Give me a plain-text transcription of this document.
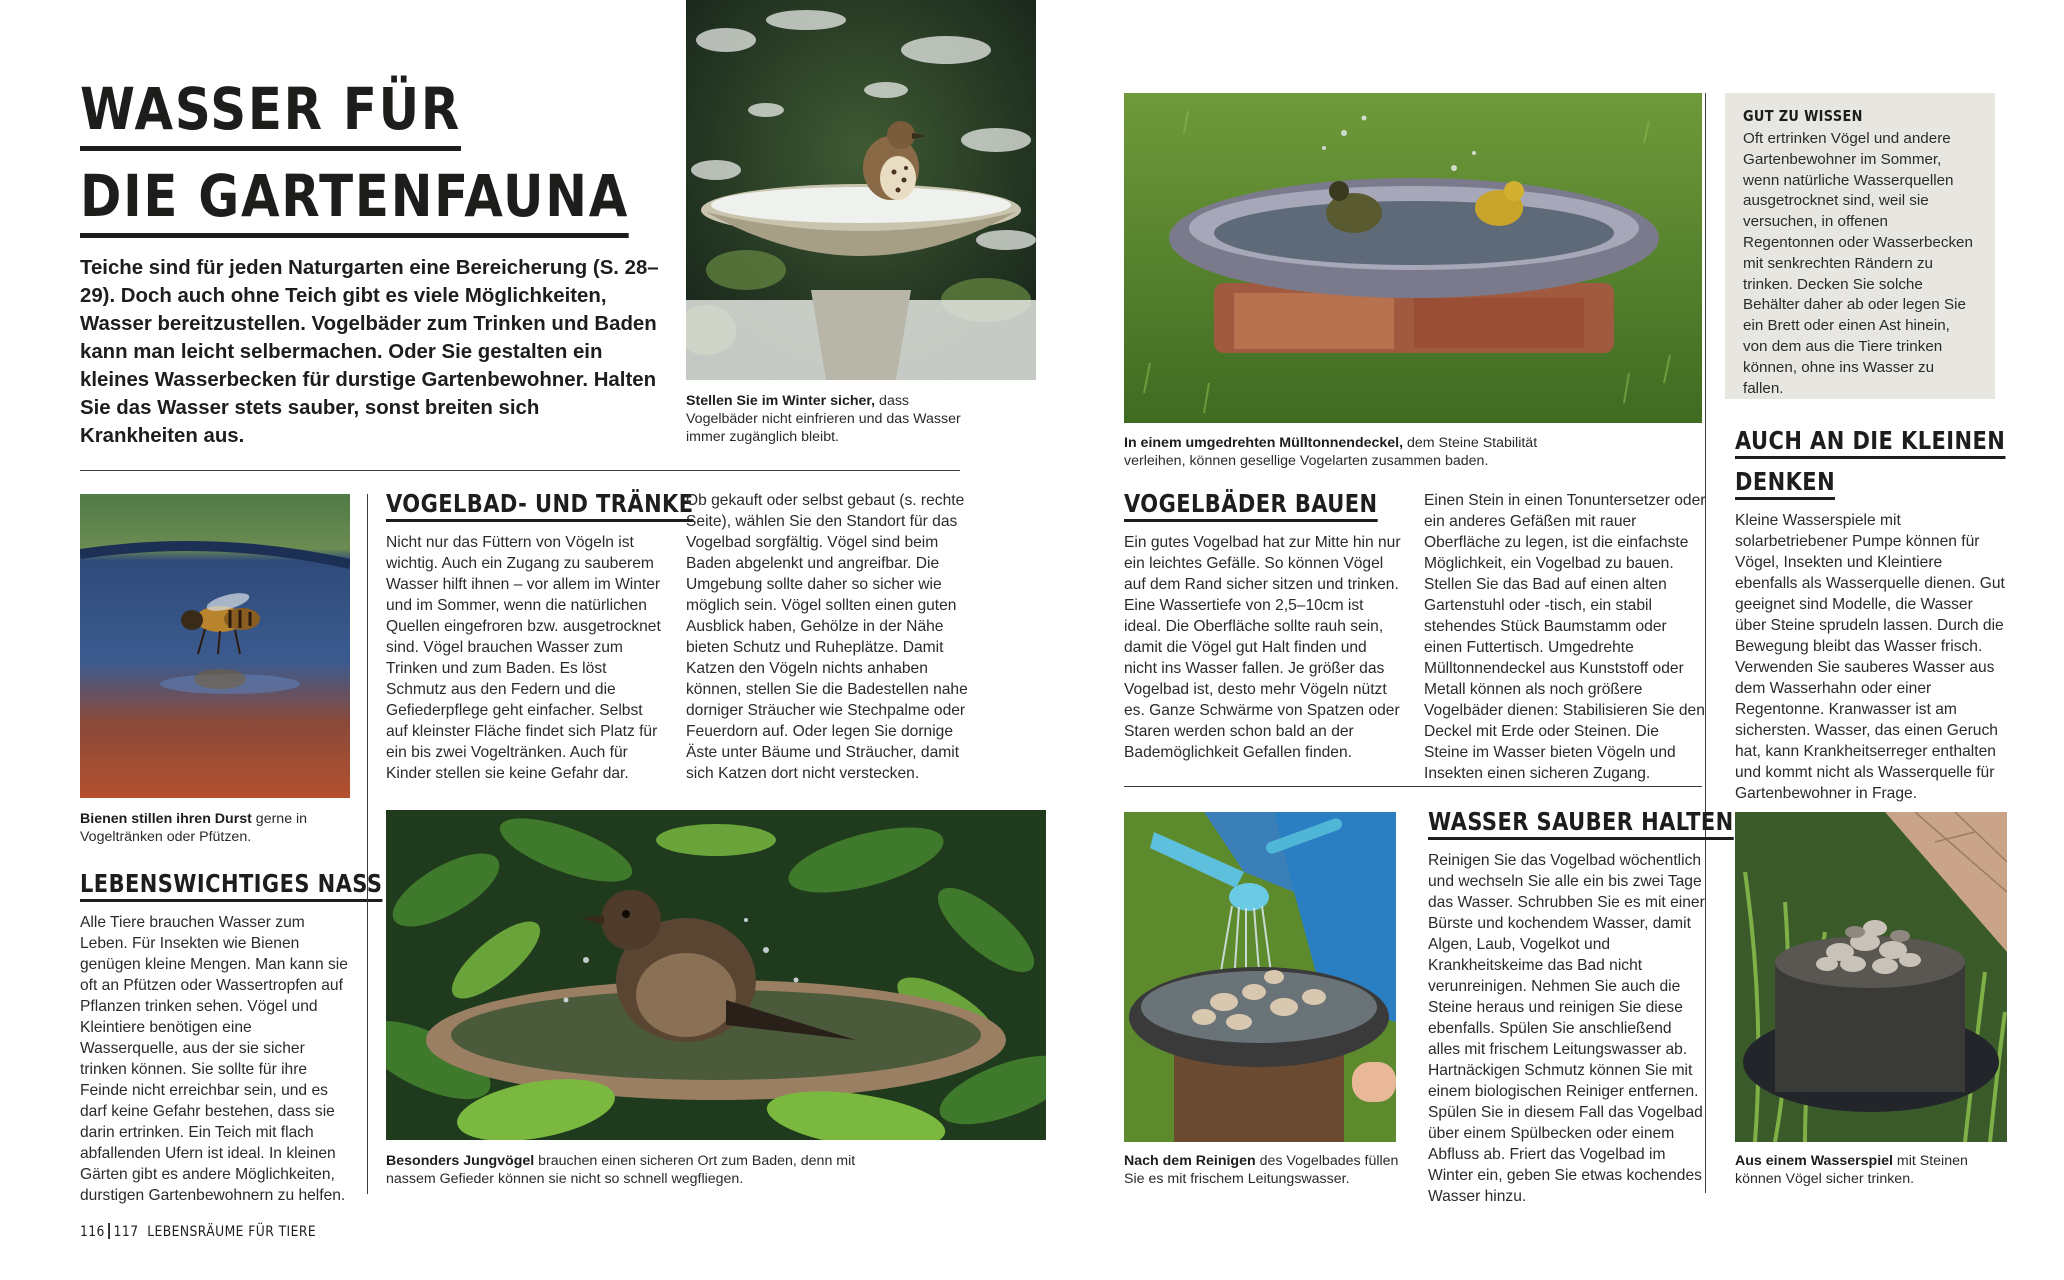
WASSER FÜR
DIE GARTENFAUNA

Teiche sind für jeden Naturgarten eine Bereicherung (S. 28–29). Doch auch ohne Teich gibt es viele Möglichkeiten, Wasser bereitzustellen. Vogelbäder zum Trinken und Baden kann man leicht selbermachen. Oder Sie gestalten ein kleines Wasserbecken für durstige Gartenbewohner. Halten Sie das Wasser stets sauber, sonst breiten sich Krankheiten aus.

Stellen Sie im Winter sicher, dass Vogelbäder nicht einfrieren und das Wasser immer zugänglich bleibt.

Bienen stillen ihren Durst gerne in Vogeltränken oder Pfützen.

LEBENSWICHTIGES NASS

Alle Tiere brauchen Wasser zum Leben. Für Insekten wie Bienen genügen kleine Mengen. Man kann sie oft an Pfützen oder Wassertropfen auf Pflanzen trinken sehen. Vögel und Kleintiere benötigen eine Wasserquelle, aus der sie sicher trinken können. Sie sollte für ihre Feinde nicht erreichbar sein, und es darf keine Gefahr bestehen, dass sie darin ertrinken. Ein Teich mit flach abfallenden Ufern ist ideal. In kleinen Gärten gibt es andere Möglichkeiten, durstigen Gartenbewohnern zu helfen.

VOGELBAD- UND TRÄNKE

Nicht nur das Füttern von Vögeln ist wichtig. Auch ein Zugang zu sauberem Wasser hilft ihnen – vor allem im Winter und im Sommer, wenn die natürlichen Quellen eingefroren bzw. ausgetrocknet sind. Vögel brauchen Wasser zum Trinken und zum Baden. Es löst Schmutz aus den Federn und die Gefiederpflege geht einfacher. Selbst auf kleinster Fläche findet sich Platz für ein bis zwei Vogeltränken. Auch für Kinder stellen sie keine Gefahr dar.

Ob gekauft oder selbst gebaut (s. rechte Seite), wählen Sie den Standort für das Vogelbad sorgfältig. Vögel sind beim Baden abgelenkt und angreifbar. Die Umgebung sollte daher so sicher wie möglich sein. Vögel sollten einen guten Ausblick haben, Gehölze in der Nähe bieten Schutz und Ruheplätze. Damit Katzen den Vögeln nichts anhaben können, stellen Sie die Badestellen nahe dorniger Sträucher wie Stechpalme oder Feuerdorn auf. Oder legen Sie dornige Äste unter Bäume und Sträucher, damit sich Katzen dort nicht verstecken.

Besonders Jungvögel brauchen einen sicheren Ort zum Baden, denn mit nassem Gefieder können sie nicht so schnell wegfliegen.

116 117 LEBENSRÄUME FÜR TIERE

In einem umgedrehten Mülltonnendeckel, dem Steine Stabilität verleihen, können gesellige Vogelarten zusammen baden.

GUT ZU WISSEN

Oft ertrinken Vögel und andere Gartenbewohner im Sommer, wenn natürliche Wasserquellen ausgetrocknet sind, weil sie versuchen, in offenen Regentonnen oder Wasserbecken mit senkrechten Rändern zu trinken. Decken Sie solche Behälter daher ab oder legen Sie ein Brett oder einen Ast hinein, von dem aus die Tiere trinken können, ohne ins Wasser zu fallen.

VOGELBÄDER BAUEN

Ein gutes Vogelbad hat zur Mitte hin nur ein leichtes Gefälle. So können Vögel auf dem Rand sicher sitzen und trinken. Eine Wassertiefe von 2,5–10cm ist ideal. Die Oberfläche sollte rauh sein, damit die Vögel gut Halt finden und nicht ins Wasser fallen. Je größer das Vogelbad ist, desto mehr Vögeln nützt es. Ganze Schwärme von Spatzen oder Staren werden schon bald an der Bademöglichkeit Gefallen finden.

Einen Stein in einen Tonuntersetzer oder ein anderes Gefäßen mit rauer Oberfläche zu legen, ist die einfachste Möglichkeit, ein Vogelbad zu bauen. Stellen Sie das Bad auf einen alten Gartenstuhl oder -tisch, ein stabil stehendes Stück Baumstamm oder einen Futtertisch. Umgedrehte Mülltonnendeckel aus Kunststoff oder Metall können als noch größere Vogelbäder dienen: Stabilisieren Sie den Deckel mit Erde oder Steinen. Die Steine im Wasser bieten Vögeln und Insekten einen sicheren Zugang.

Nach dem Reinigen des Vogelbades füllen Sie es mit frischem Leitungswasser.

WASSER SAUBER HALTEN

Reinigen Sie das Vogelbad wöchentlich und wechseln Sie alle ein bis zwei Tage das Wasser. Schrubben Sie es mit einer Bürste und kochendem Wasser, damit Algen, Laub, Vogelkot und Krankheitskeime das Bad nicht verunreinigen. Nehmen Sie auch die Steine heraus und reinigen Sie diese ebenfalls. Spülen Sie anschließend alles mit frischem Leitungswasser ab. Hartnäckigen Schmutz können Sie mit einem biologischen Reiniger entfernen. Spülen Sie in diesem Fall das Vogelbad über einem Spülbecken oder einem Abfluss ab. Friert das Vogelbad im Winter ein, geben Sie etwas kochendes Wasser hinzu.

AUCH AN DIE KLEINEN
DENKEN

Kleine Wasserspiele mit solarbetriebener Pumpe können für Vögel, Insekten und Kleintiere ebenfalls als Wasserquelle dienen. Gut geeignet sind Modelle, die Wasser über Steine sprudeln lassen. Durch die Bewegung bleibt das Wasser frisch. Verwenden Sie sauberes Wasser aus dem Wasserhahn oder einer Regentonne. Kranwasser ist am sichersten. Wasser, das einen Geruch hat, kann Krankheitserreger enthalten und kommt nicht als Wasserquelle für Gartenbewohner in Frage.

Aus einem Wasserspiel mit Steinen können Vögel sicher trinken.
